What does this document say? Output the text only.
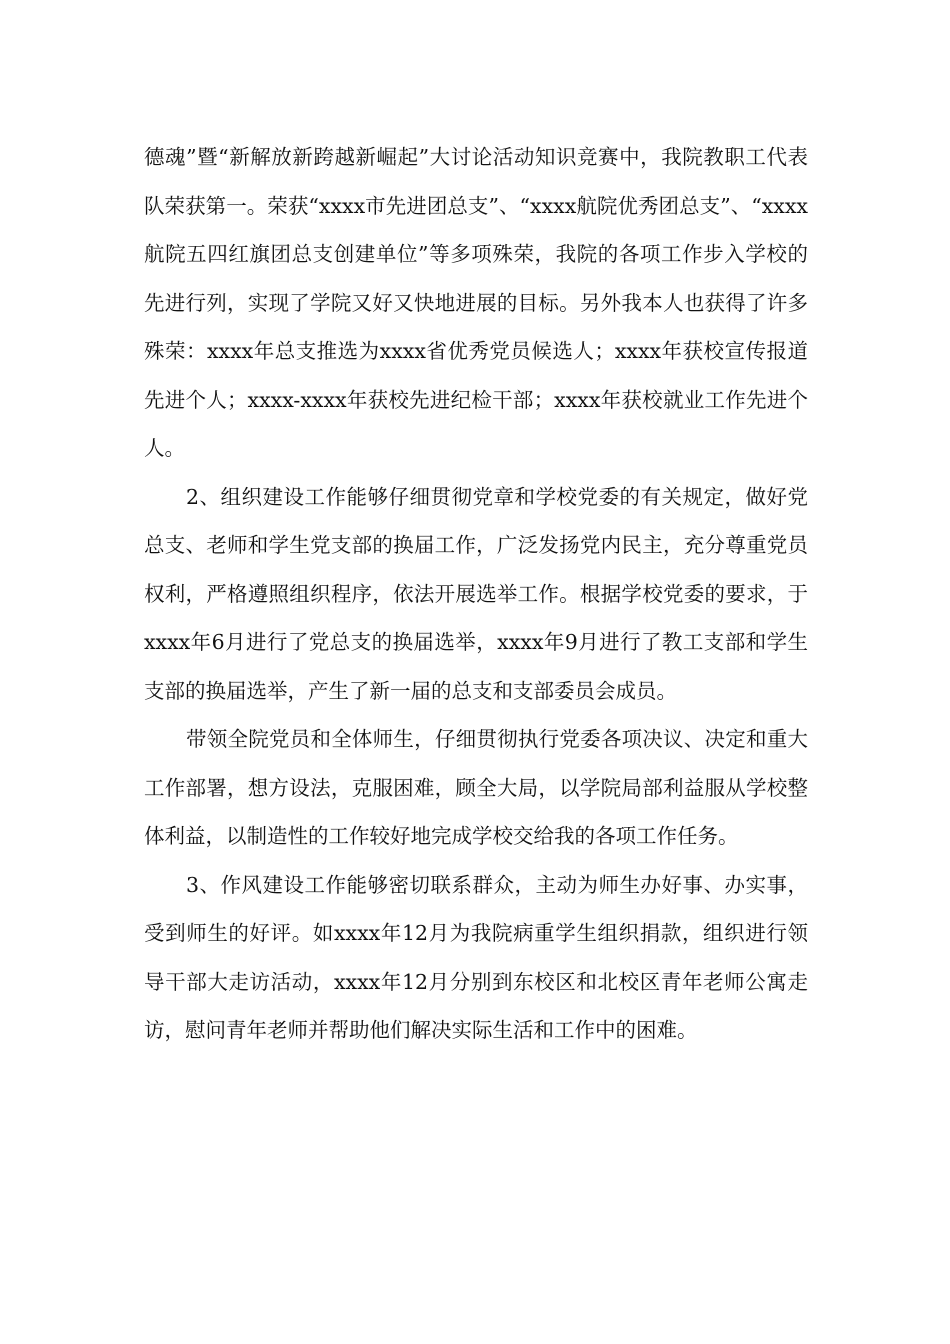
德魂”暨“新解放新跨越新崛起”大讨论活动知识竞赛中，我院教职工代表队荣获第一。荣获“xxxx市先进团总支”、“xxxx航院优秀团总支”、“xxxx航院五四红旗团总支创建单位”等多项殊荣，我院的各项工作步入学校的先进行列，实现了学院又好又快地进展的目标。另外我本人也获得了许多殊荣：xxxx年总支推选为xxxx省优秀党员候选人；xxxx年获校宣传报道先进个人；xxxx-xxxx年获校先进纪检干部；xxxx年获校就业工作先进个人。

2、组织建设工作能够仔细贯彻党章和学校党委的有关规定，做好党总支、老师和学生党支部的换届工作，广泛发扬党内民主，充分尊重党员权利，严格遵照组织程序，依法开展选举工作。根据学校党委的要求，于xxxx年6月进行了党总支的换届选举，xxxx年9月进行了教工支部和学生支部的换届选举，产生了新一届的总支和支部委员会成员。

带领全院党员和全体师生，仔细贯彻执行党委各项决议、决定和重大工作部署，想方设法，克服困难，顾全大局，以学院局部利益服从学校整体利益，以制造性的工作较好地完成学校交给我的各项工作任务。

3、作风建设工作能够密切联系群众，主动为师生办好事、办实事，受到师生的好评。如xxxx年12月为我院病重学生组织捐款，组织进行领导干部大走访活动，xxxx年12月分别到东校区和北校区青年老师公寓走访，慰问青年老师并帮助他们解决实际生活和工作中的困难。
